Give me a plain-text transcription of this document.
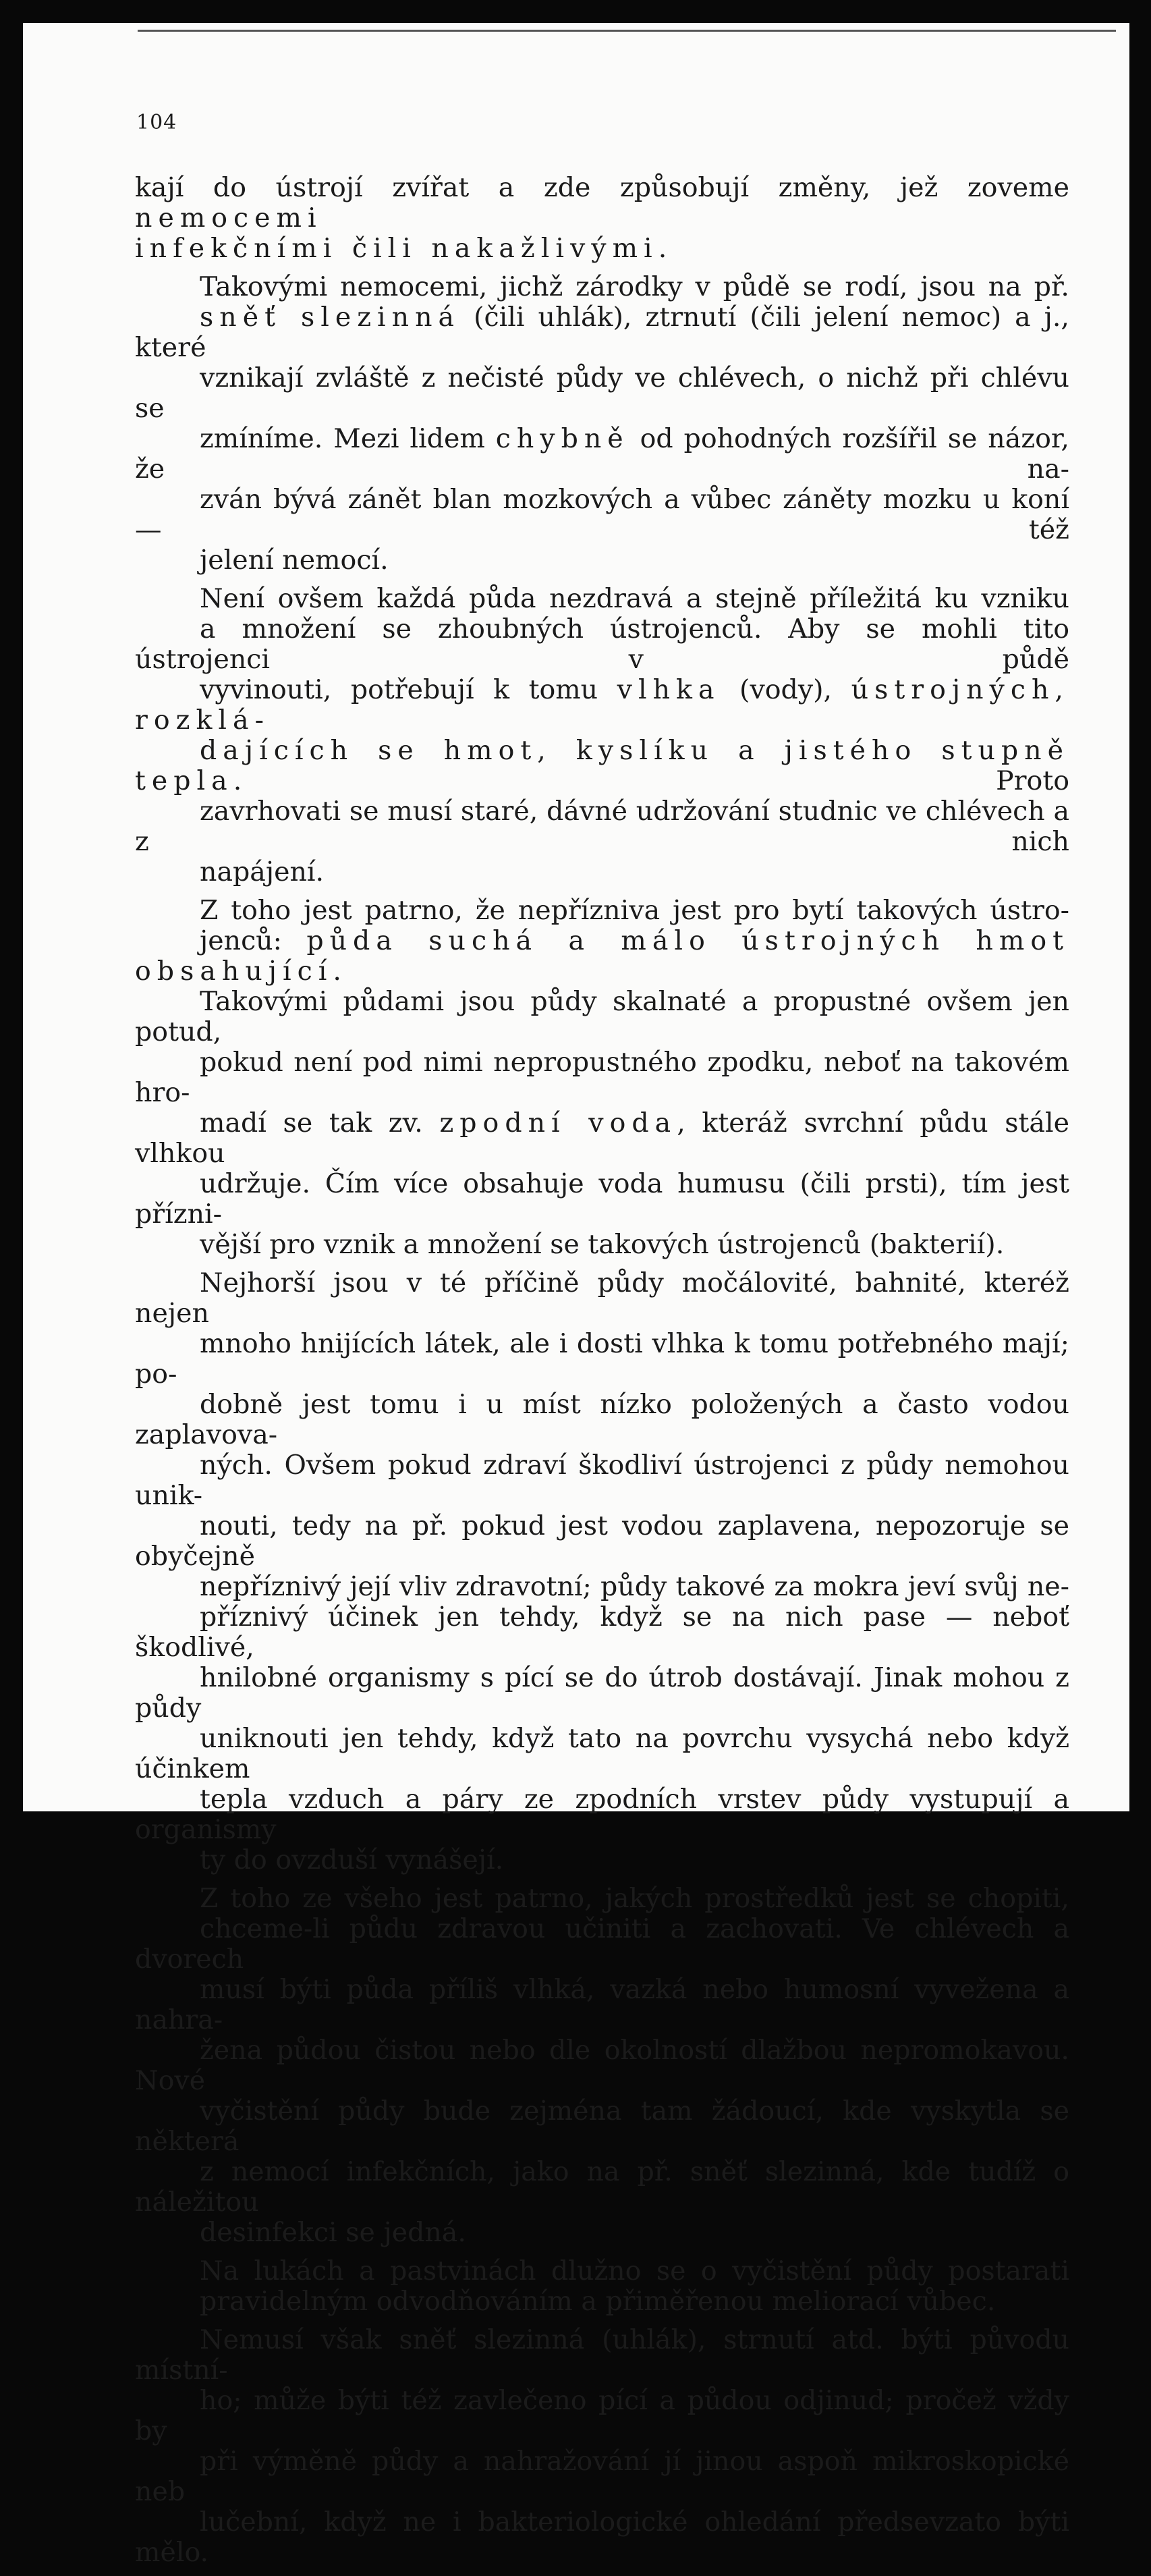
104

kají do ústrojí zvířat a zde způsobují změny, jež zoveme nemocemi
infekčními čili nakažlivými.

Takovými nemocemi, jichž zárodky v půdě se rodí, jsou na př.
sněť slezinná (čili uhlák), ztrnutí (čili jelení nemoc) a j., které
vznikají zvláště z nečisté půdy ve chlévech, o nichž při chlévu se
zmíníme. Mezi lidem chybně od pohodných rozšířil se názor, že na-
zván bývá zánět blan mozkových a vůbec záněty mozku u koní — též
jelení nemocí.

Není ovšem každá půda nezdravá a stejně příležitá ku vzniku
a množení se zhoubných ústrojenců. Aby se mohli tito ústrojenci v půdě
vyvinouti, potřebují k tomu vlhka (vody), ústrojných, rozklá-
dajících se hmot, kyslíku a jistého stupně tepla. Proto
zavrhovati se musí staré, dávné udržování studnic ve chlévech a z nich
napájení.

Z toho jest patrno, že nepřízniva jest pro bytí takových ústro-
jenců: půda suchá a málo ústrojných hmot obsahující.
Takovými půdami jsou půdy skalnaté a propustné ovšem jen potud,
pokud není pod nimi nepropustného zpodku, neboť na takovém hro-
madí se tak zv. zpodní voda, kteráž svrchní půdu stále vlhkou
udržuje. Čím více obsahuje voda humusu (čili prsti), tím jest přízni-
vější pro vznik a množení se takových ústrojenců (bakterií).

Nejhorší jsou v té příčině půdy močálovité, bahnité, kteréž nejen
mnoho hnijících látek, ale i dosti vlhka k tomu potřebného mají; po-
dobně jest tomu i u míst nízko položených a často vodou zaplavova-
ných. Ovšem pokud zdraví škodliví ústrojenci z půdy nemohou unik-
nouti, tedy na př. pokud jest vodou zaplavena, nepozoruje se obyčejně
nepříznivý její vliv zdravotní; půdy takové za mokra jeví svůj ne-
příznivý účinek jen tehdy, když se na nich pase — neboť škodlivé,
hnilobné organismy s pící se do útrob dostávají. Jinak mohou z půdy
uniknouti jen tehdy, když tato na povrchu vysychá nebo když účinkem
tepla vzduch a páry ze zpodních vrstev půdy vystupují a organismy
ty do ovzduší vynášejí.

Z toho ze všeho jest patrno, jakých prostředků jest se chopiti,
chceme-li půdu zdravou učiniti a zachovati. Ve chlévech a dvorech
musí býti půda příliš vlhká, vazká nebo humosní vyvežena a nahra-
žena půdou čistou nebo dle okolností dlažbou nepromokavou. Nové
vyčistění půdy bude zejména tam žádoucí, kde vyskytla se některá
z nemocí infekčních, jako na př. sněť slezinná, kde tudíž o náležitou
desinfekci se jedná.

Na lukách a pastvinách dlužno se o vyčistění půdy postarati
pravidelným odvodňováním a přiměřenou meliorací vůbec.

Nemusí však sněť slezinná (uhlák), strnutí atd. býti původu místní-
ho; může býti též zavlečeno pící a půdou odjinud; pročež vždy by
při výměně půdy a nahražování jí jinou aspoň mikroskopické neb
lučební, když ne i bakteriologické ohledání předsevzato býti mělo.
